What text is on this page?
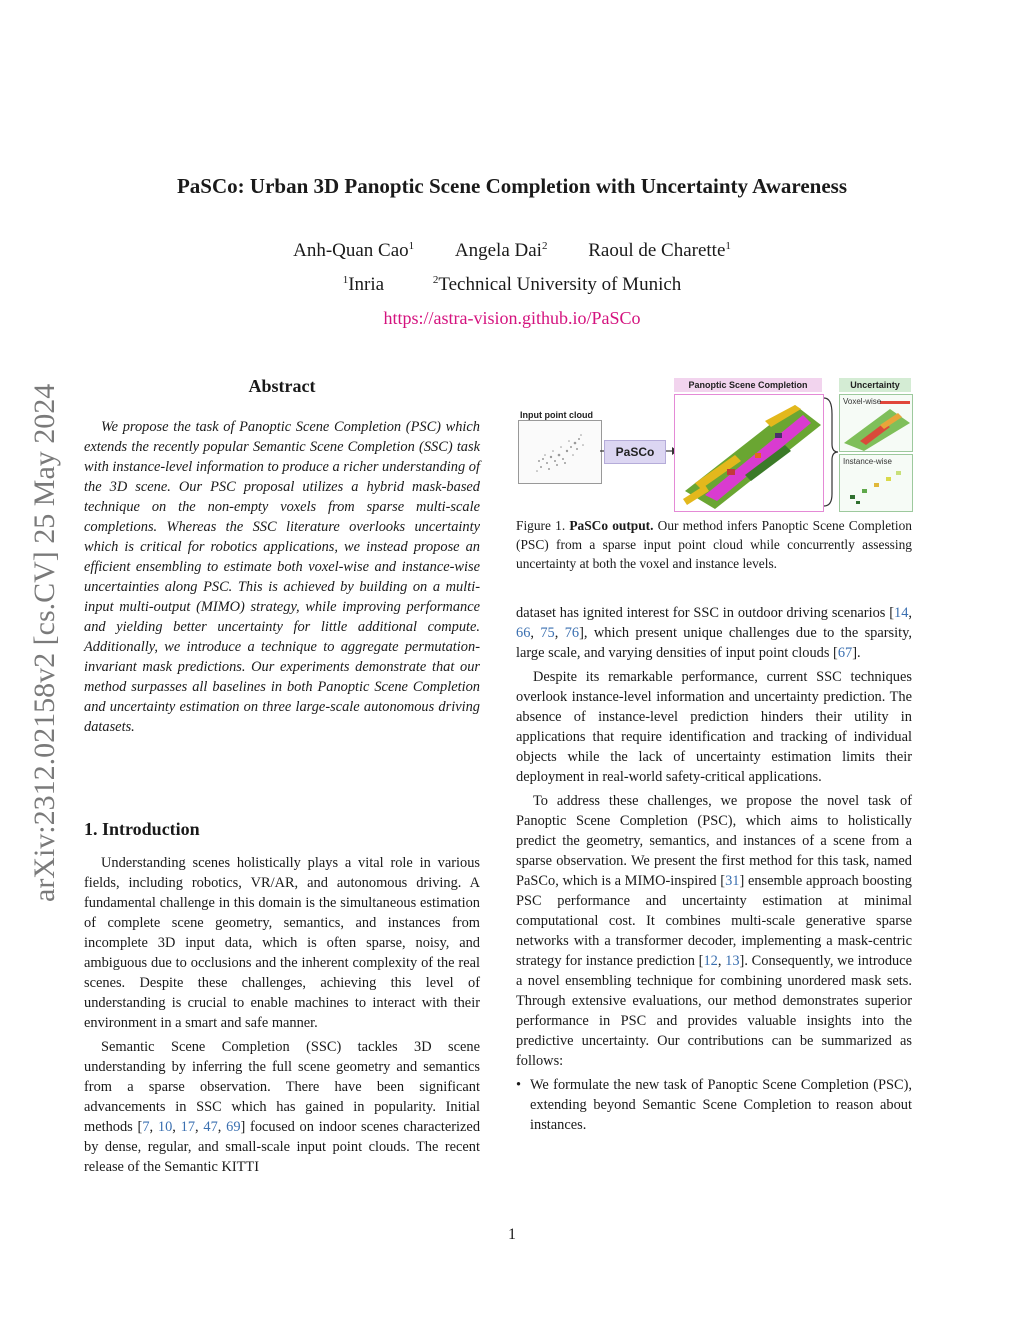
PaSCo: Urban 3D Panoptic Scene Completion with Uncertainty Awareness
Anh-Quan Cao$^1$ Angela Dai$^2$ Raoul de Charette$^1$
$^1$Inria	$^2$Technical University of Munich
https://astra-vision.github.io/PaSCo
arXiv:2312.02158v2 [cs.CV] 25 May 2024	Abstract

We propose the task of Panoptic Scene Completion (PSC) which extends the recently popular Semantic Scene Completion (SSC) task with instance-level information to produce a richer understanding of the 3D scene. Our PSC proposal utilizes a hybrid mask-based technique on the non-empty voxels from sparse multi-scale completions. Whereas the SSC literature overlooks uncertainty which is critical for robotics applications, we instead propose an efficient ensembling to estimate both voxel-wise and instance-wise uncertainties along PSC. This is achieved by building on a multi-input multi-output (MIMO) strategy, while improving performance and yielding better uncertainty for little additional compute. Additionally, we introduce a technique to aggregate permutation-invariant mask predictions. Our experiments demonstrate that our method surpasses all baselines in both Panoptic Scene Completion and uncertainty estimation on three large-scale autonomous driving datasets.

1. Introduction

Understanding scenes holistically plays a vital role in various fields, including robotics, VR/AR, and autonomous driving. A fundamental challenge in this domain is the simultaneous estimation of complete scene geometry, semantics, and instances from incomplete 3D input data, which is often sparse, noisy, and ambiguous due to occlusions and the inherent complexity of the real scenes. Despite these challenges, achieving this level of understanding is crucial to enable machines to interact with their environment in a smart and safe manner.

Semantic Scene Completion (SSC) tackles 3D scene understanding by inferring the full scene geometry and semantics from a sparse observation. There have been significant advancements in SSC which has gained in popularity. Initial methods [7, 10, 17, 47, 69] focused on indoor scenes characterized by dense, regular, and small-scale input point clouds. The recent release of the Semantic KITTI

Input point cloud
PaSCo
Panoptic Scene Completion	Uncertainty
Voxel-wise
Instance-wise
Figure 1. PaSCo output. Our method infers Panoptic Scene Completion (PSC) from a sparse input point cloud while concurrently assessing uncertainty at both the voxel and instance levels.

dataset has ignited interest for SSC in outdoor driving scenarios [14, 66, 75, 76], which present unique challenges due to the sparsity, large scale, and varying densities of input point clouds [67].

Despite its remarkable performance, current SSC techniques overlook instance-level information and uncertainty prediction. The absence of instance-level prediction hinders their utility in applications that require identification and tracking of individual objects while the lack of uncertainty estimation limits their deployment in real-world safety-critical applications.

To address these challenges, we propose the novel task of Panoptic Scene Completion (PSC), which aims to holistically predict the geometry, semantics, and instances of a scene from a sparse observation. We present the first method for this task, named PaSCo, which is a MIMO-inspired [31] ensemble approach boosting PSC performance and uncertainty estimation at minimal computational cost. It combines multi-scale generative sparse networks with a transformer decoder, implementing a mask-centric strategy for instance prediction [12, 13]. Consequently, we introduce a novel ensembling technique for combining unordered mask sets. Through extensive evaluations, our method demonstrates superior performance in PSC and provides valuable insights into the predictive uncertainty. Our contributions can be summarized as follows:

• We formulate the new task of Panoptic Scene Completion (PSC), extending beyond Semantic Scene Completion to reason about instances.
1
